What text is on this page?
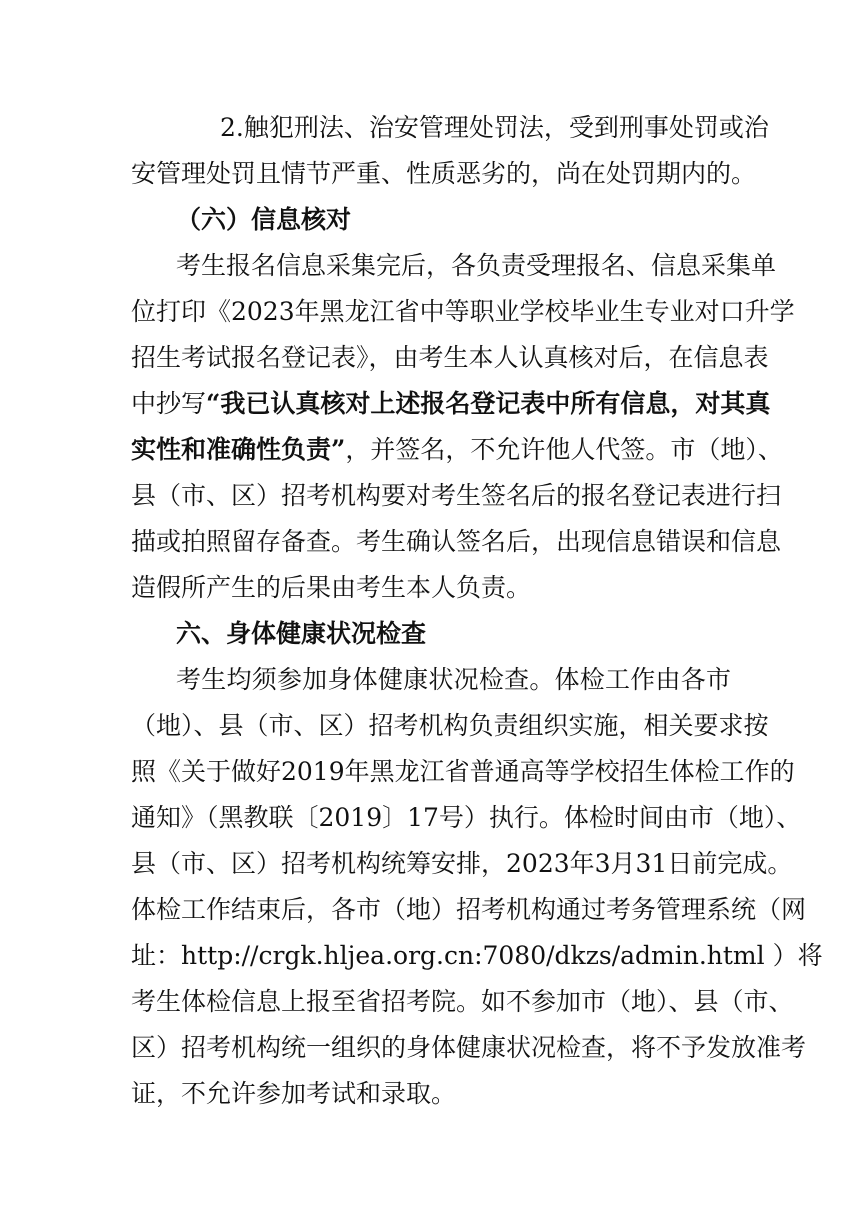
2.触犯刑法、治安管理处罚法，受到刑事处罚或治
安管理处罚且情节严重、性质恶劣的，尚在处罚期内的。
（六）信息核对
考生报名信息采集完后，各负责受理报名、信息采集单
位打印《2023年黑龙江省中等职业学校毕业生专业对口升学
招生考试报名登记表》，由考生本人认真核对后，在信息表
中抄写“我已认真核对上述报名登记表中所有信息，对其真
实性和准确性负责”，并签名，不允许他人代签。市（地）、
县（市、区）招考机构要对考生签名后的报名登记表进行扫
描或拍照留存备查。考生确认签名后，出现信息错误和信息
造假所产生的后果由考生本人负责。
六、身体健康状况检查
考生均须参加身体健康状况检查。体检工作由各市
（地）、县（市、区）招考机构负责组织实施，相关要求按
照《关于做好2019年黑龙江省普通高等学校招生体检工作的
通知》（黑教联〔2019〕17号）执行。体检时间由市（地）、
县（市、区）招考机构统筹安排，2023年3月31日前完成。
体检工作结束后，各市（地）招考机构通过考务管理系统（网
址：http://crgk.hljea.org.cn:7080/dkzs/admin.html ）将
考生体检信息上报至省招考院。如不参加市（地）、县（市、
区）招考机构统一组织的身体健康状况检查，将不予发放准考
证，不允许参加考试和录取。
